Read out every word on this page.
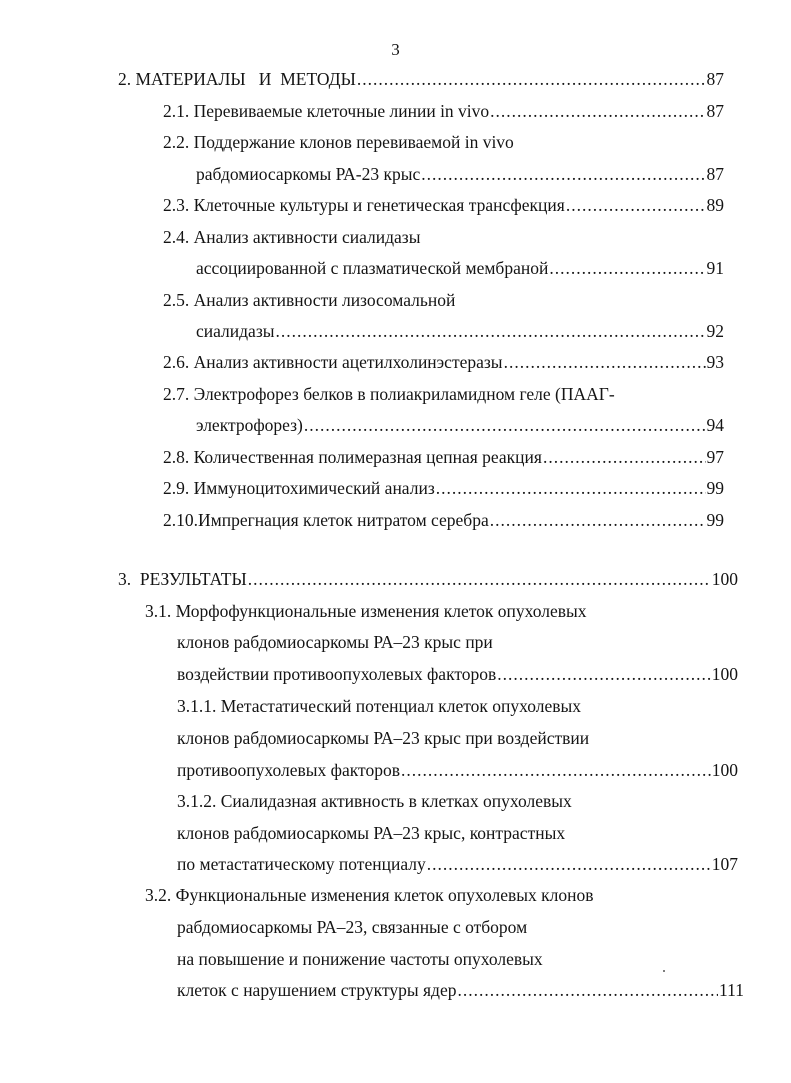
3
2. МАТЕРИАЛЫ   И  МЕТОДЫ .....	87
2.1. Перевиваемые клеточные линии in vivo .....	87
2.2. Поддержание клонов перевиваемой in vivo
рабдомиосаркомы РА-23 крыс .....	87
2.3. Клеточные культуры и генетическая трансфекция .....	89
2.4. Анализ активности сиалидазы
ассоциированной с плазматической мембраной .....	91
2.5. Анализ активности лизосомальной
сиалидазы .....	92
2.6. Анализ активности ацетилхолинэстеразы .....	93
2.7. Электрофорез белков в полиакриламидном геле (ПААГ-
электрофорез) .....	94
2.8. Количественная полимеразная цепная реакция .....	97
2.9. Иммуноцитохимический анализ .....	99
2.10.Импрегнация клеток нитратом серебра .....	99
3.  РЕЗУЛЬТАТЫ .....	100
3.1. Морфофункциональные изменения клеток опухолевых
клонов рабдомиосаркомы РА–23 крыс при
воздействии противоопухолевых факторов .....	100
3.1.1. Метастатический потенциал клеток опухолевых
клонов рабдомиосаркомы РА–23 крыс при воздействии
противоопухолевых факторов .....	100
3.1.2. Сиалидазная активность в клетках опухолевых
клонов рабдомиосаркомы РА–23 крыс, контрастных
по метастатическому потенциалу .....	107
3.2. Функциональные изменения клеток опухолевых клонов
рабдомиосаркомы РА–23, связанные с отбором
на повышение и понижение частоты опухолевых
клеток с нарушением структуры ядер .....	111
